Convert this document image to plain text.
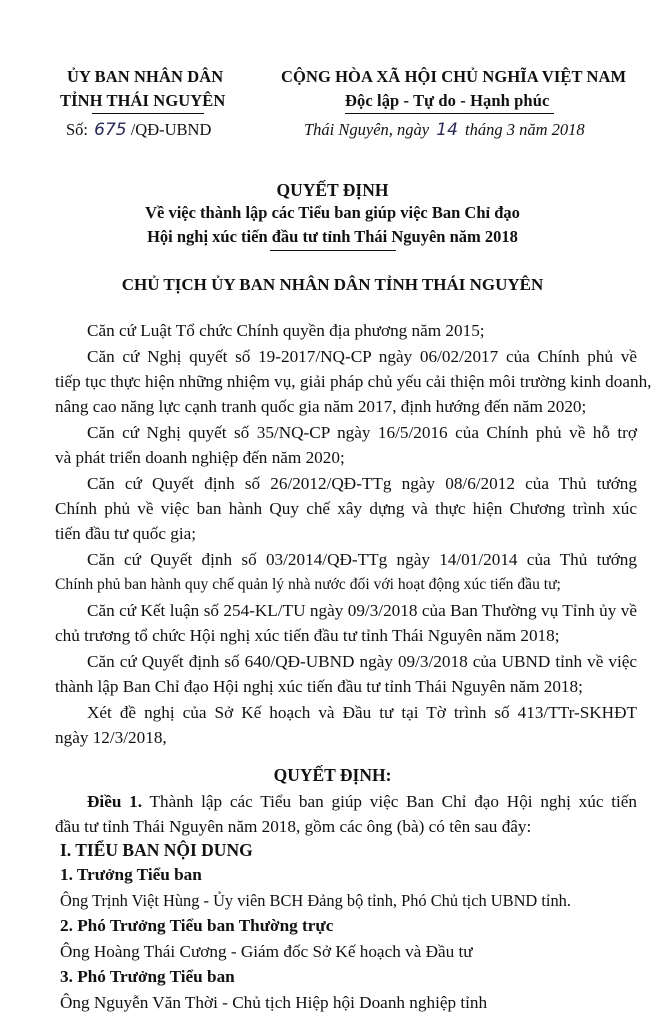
ỦY BAN NHÂN DÂN
TỈNH THÁI NGUYÊN
Số: 675 /QĐ-UBND
CỘNG HÒA XÃ HỘI CHỦ NGHĨA VIỆT NAM
Độc lập - Tự do - Hạnh phúc
Thái Nguyên, ngày 14 tháng 3 năm 2018
QUYẾT ĐỊNH
Về việc thành lập các Tiểu ban giúp việc Ban Chỉ đạo
Hội nghị xúc tiến đầu tư tỉnh Thái Nguyên năm 2018
CHỦ TỊCH ỦY BAN NHÂN DÂN TỈNH THÁI NGUYÊN
Căn cứ Luật Tổ chức Chính quyền địa phương năm 2015;
Căn cứ Nghị quyết số 19-2017/NQ-CP ngày 06/02/2017 của Chính phủ về
tiếp tục thực hiện những nhiệm vụ, giải pháp chủ yếu cải thiện môi trường kinh doanh,
nâng cao năng lực cạnh tranh quốc gia năm 2017, định hướng đến năm 2020;
Căn cứ Nghị quyết số 35/NQ-CP ngày 16/5/2016 của Chính phủ về hỗ trợ
và phát triển doanh nghiệp đến năm 2020;
Căn cứ Quyết định số 26/2012/QĐ-TTg ngày 08/6/2012 của Thủ tướng
Chính phủ về việc ban hành Quy chế xây dựng và thực hiện Chương trình xúc
tiến đầu tư quốc gia;
Căn cứ Quyết định số 03/2014/QĐ-TTg ngày 14/01/2014 của Thủ tướng
Chính phủ ban hành quy chế quản lý nhà nước đối với hoạt động xúc tiến đầu tư;
Căn cứ Kết luận số 254-KL/TU ngày 09/3/2018 của Ban Thường vụ Tỉnh ủy về
chủ trương tổ chức Hội nghị xúc tiến đầu tư tỉnh Thái Nguyên năm 2018;
Căn cứ Quyết định số 640/QĐ-UBND ngày 09/3/2018 của UBND tỉnh về việc
thành lập Ban Chỉ đạo Hội nghị xúc tiến đầu tư tỉnh Thái Nguyên năm 2018;
Xét đề nghị của Sở Kế hoạch và Đầu tư tại Tờ trình số 413/TTr-SKHĐT
ngày 12/3/2018,
QUYẾT ĐỊNH:
Điều 1. Thành lập các Tiểu ban giúp việc Ban Chỉ đạo Hội nghị xúc tiến
đầu tư tỉnh Thái Nguyên năm 2018, gồm các ông (bà) có tên sau đây:
I. TIỂU BAN NỘI DUNG
1. Trưởng Tiểu ban
Ông Trịnh Việt Hùng - Ủy viên BCH Đảng bộ tỉnh, Phó Chủ tịch UBND tỉnh.
2. Phó Trưởng Tiểu ban Thường trực
Ông Hoàng Thái Cương - Giám đốc Sở Kế hoạch và Đầu tư
3. Phó Trưởng Tiểu ban
Ông Nguyễn Văn Thời - Chủ tịch Hiệp hội Doanh nghiệp tỉnh
